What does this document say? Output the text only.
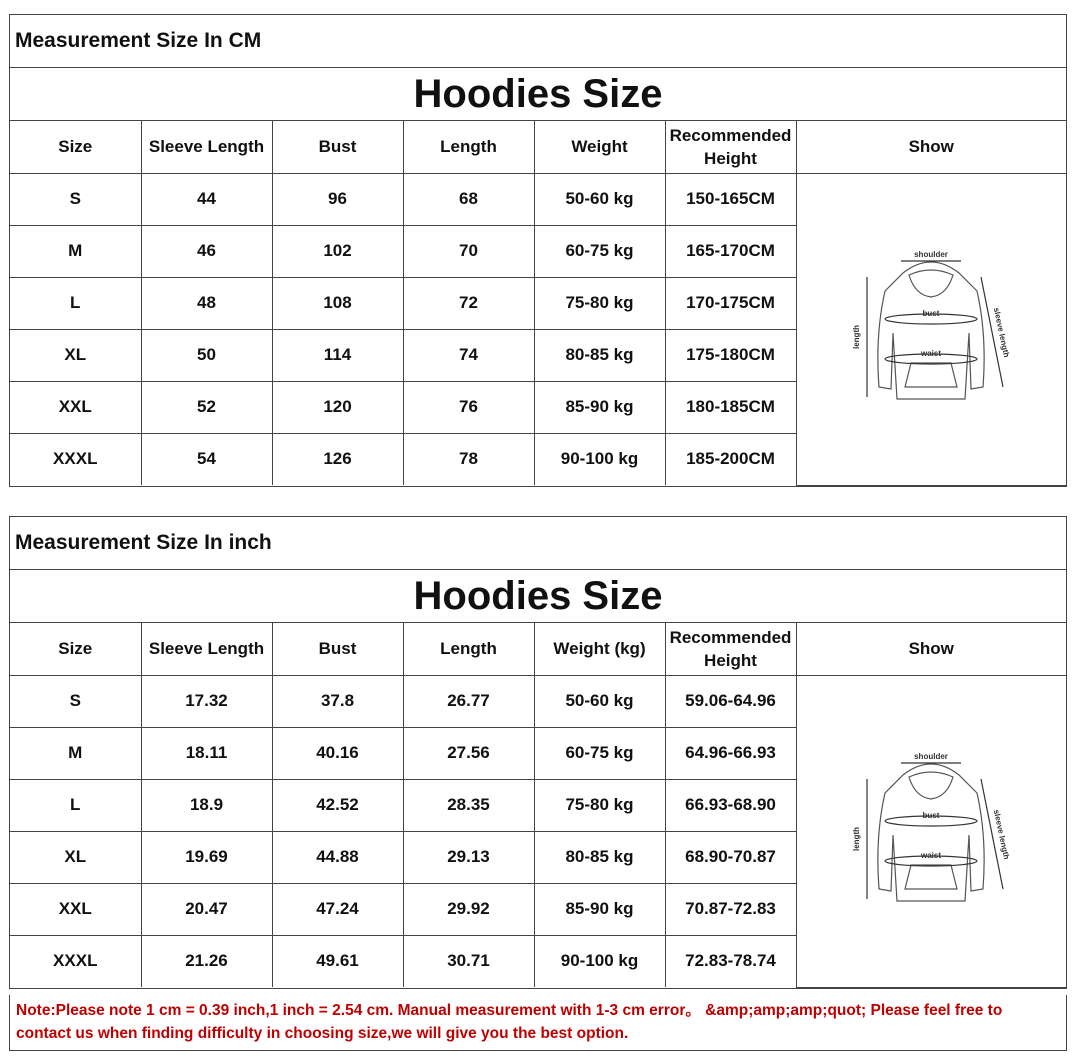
Measurement Size In CM
Hoodies Size
Size	Sleeve Length	Bust	Length	Weight	Recommended Height	Show
S	44	96	68	50-60 kg	150-165CM	shoulder
bust
waist
length sleeve length

M	46	102	70	60-75 kg	165-170CM	
L	48	108	72	75-80 kg	170-175CM	
XL	50	114	74	80-85 kg	175-180CM	
XXL	52	120	76	85-90 kg	180-185CM	
XXXL	54	126	78	90-100 kg	185-200CM	
Measurement Size In inch
Hoodies Size
Size	Sleeve Length	Bust	Length	Weight (kg)	Recommended Height	Show
S	17.32	37.8	26.77	50-60 kg	59.06-64.96	shoulder
bust
waist
length sleeve length

M	18.11	40.16	27.56	60-75 kg	64.96-66.93	
L	18.9	42.52	28.35	75-80 kg	66.93-68.90	
XL	19.69	44.88	29.13	80-85 kg	68.90-70.87	
XXL	20.47	47.24	29.92	85-90 kg	70.87-72.83	
XXXL	21.26	49.61	30.71	90-100 kg	72.83-78.74	
Note:Please note 1 cm = 0.39 inch,1 inch = 2.54 cm. Manual measurement with 1-3 cm error。 &amp;amp;amp;quot; Please feel free to contact us when finding difficulty in choosing size,we will give you the best option.
